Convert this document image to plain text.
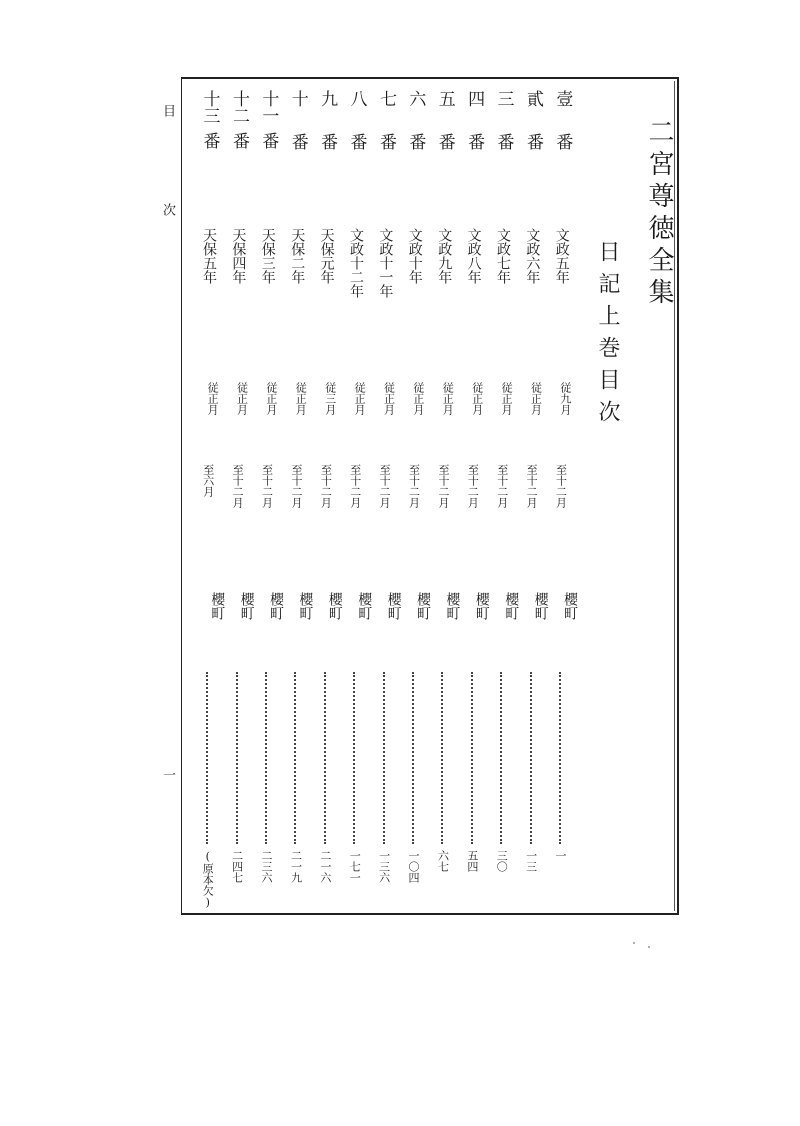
目
次
一
二宮尊徳全集
日記上巻目次
壹
番
文政五年
従九月
至十二月
櫻町
一
貳
番
文政六年
従正月
至十二月
櫻町
一三
三
番
文政七年
従正月
至十二月
櫻町
三〇
四
番
文政八年
従正月
至十二月
櫻町
五四
五
番
文政九年
従正月
至十二月
櫻町
六七
六
番
文政十年
従正月
至十二月
櫻町
一〇四
七
番
文政十一年
従正月
至十二月
櫻町
一三六
八
番
文政十二年
従正月
至十二月
櫻町
一七一
九
番
天保元年
従三月
至十二月
櫻町
二一六
十
番
天保二年
従正月
至十二月
櫻町
二一九
十一
番
天保三年
従正月
至十二月
櫻町
二三六
十二
番
天保四年
従正月
至十二月
櫻町
二四七
十三
番
天保五年
従正月
至六月
櫻町
(原本欠)
